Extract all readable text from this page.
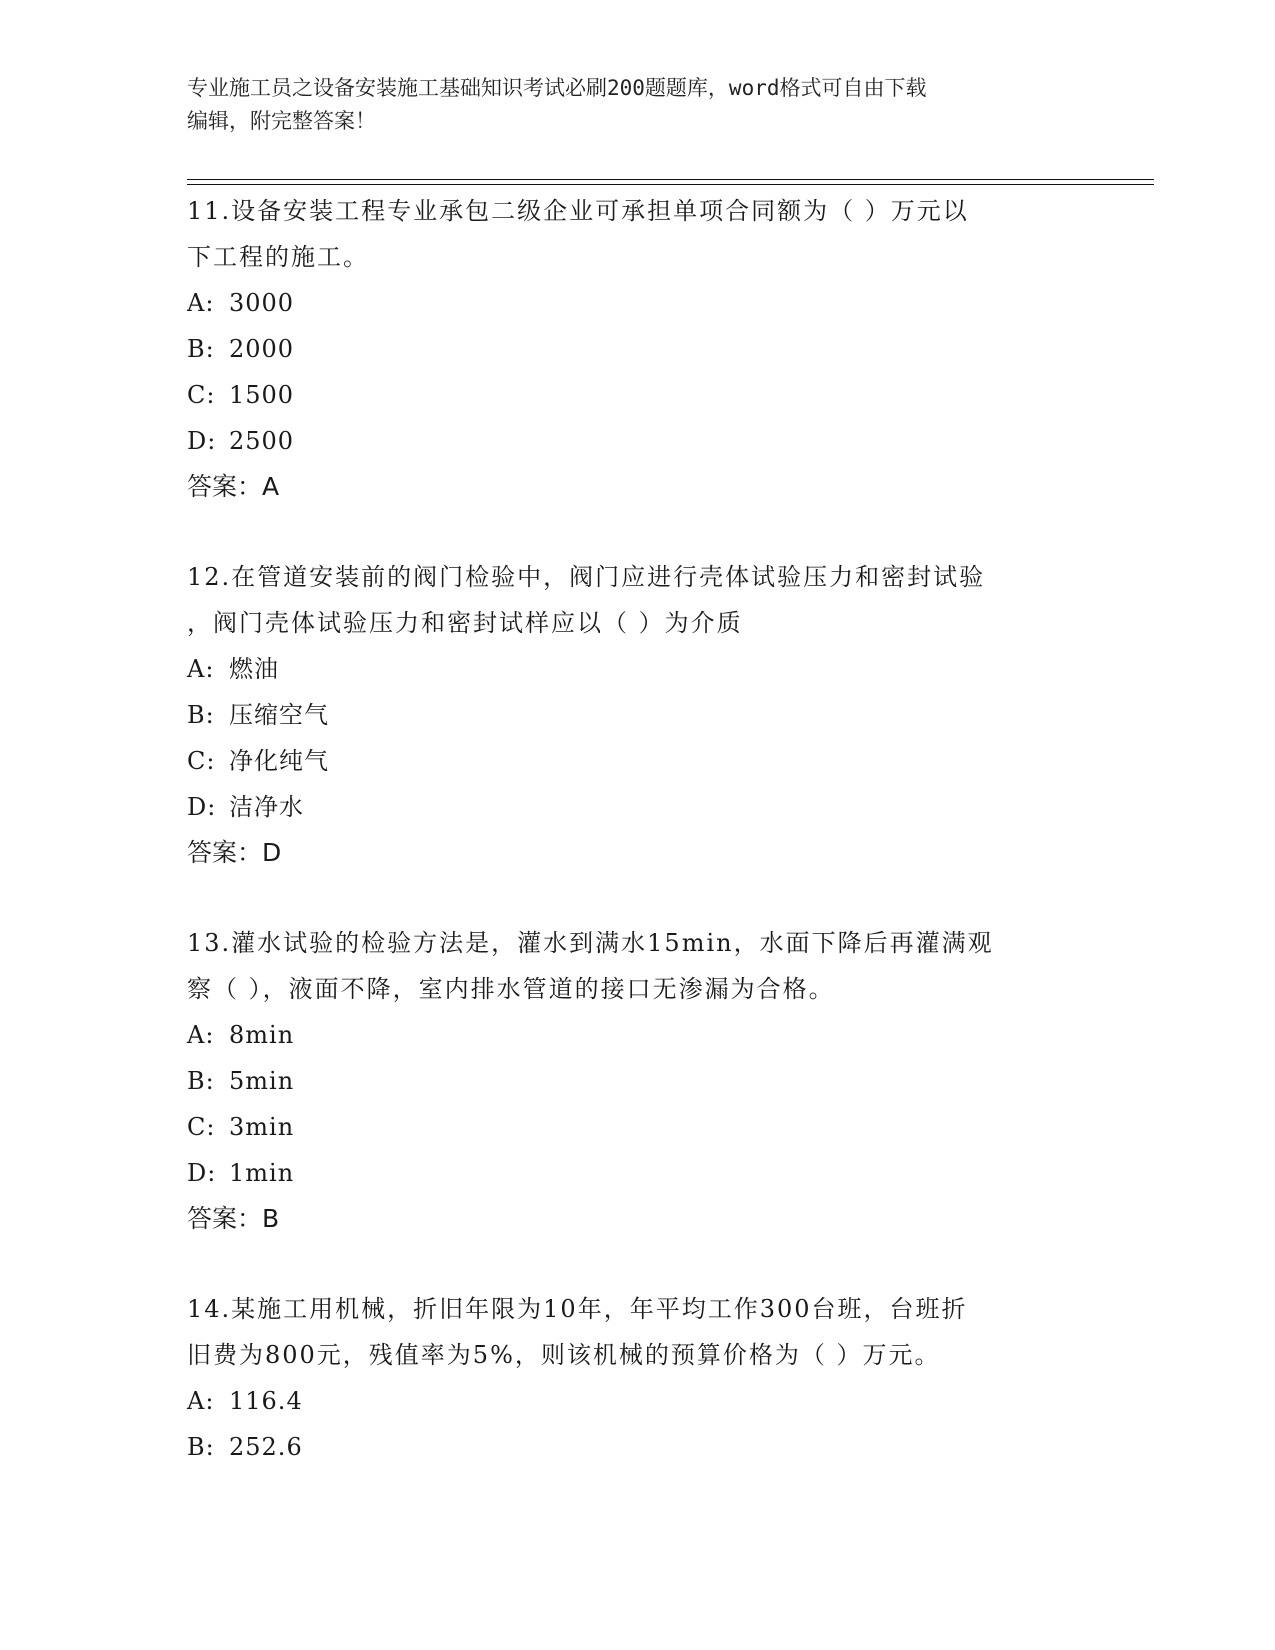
专业施工员之设备安装施工基础知识考试必刷200题题库，word格式可自由下载
编辑，附完整答案！

11.设备安装工程专业承包二级企业可承担单项合同额为（ ）万元以
下工程的施工。

A: 3000

B: 2000

C: 1500

D: 2500

答案：A

12.在管道安装前的阀门检验中，阀门应进行壳体试验压力和密封试验
，阀门壳体试验压力和密封试样应以（ ）为介质

A: 燃油

B: 压缩空气

C: 净化纯气

D: 洁净水

答案：D

13.灌水试验的检验方法是，灌水到满水15min，水面下降后再灌满观
察（ ），液面不降，室内排水管道的接口无渗漏为合格。

A: 8min

B: 5min

C: 3min

D: 1min

答案：B

14.某施工用机械，折旧年限为10年，年平均工作300台班，台班折
旧费为800元，残值率为5%，则该机械的预算价格为（ ）万元。

A: 116.4

B: 252.6
